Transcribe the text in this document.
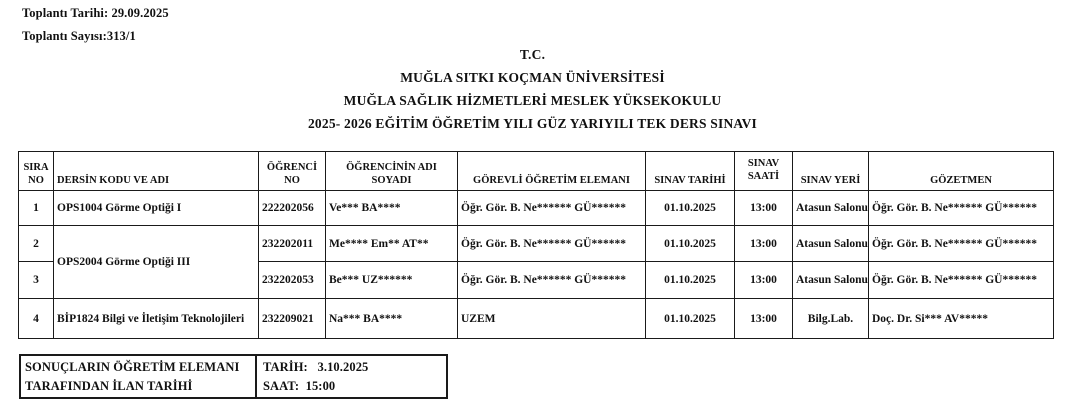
Toplantı Tarihi: 29.09.2025
Toplantı Sayısı:313/1
T.C.
MUĞLA SITKI KOÇMAN ÜNİVERSİTESİ
MUĞLA SAĞLIK HİZMETLERİ MESLEK YÜKSEKOKULU
2025- 2026 EĞİTİM ÖĞRETİM YILI GÜZ YARIYILI TEK DERS SINAVI
SIRA NO	DERSİN KODU VE ADI	ÖĞRENCİ NO	ÖĞRENCİNİN ADI SOYADI	GÖREVLİ ÖĞRETİM ELEMANI	SINAV TARİHİ	SINAV SAATİ	SINAV YERİ	GÖZETMEN
1	OPS1004 Görme Optiği I	222202056	Ve*** BA****	Öğr. Gör. B. Ne****** GÜ******	01.10.2025	13:00	Atasun Salonu	Öğr. Gör. B. Ne****** GÜ******
2	OPS2004 Görme Optiği III	232202011	Me**** Em** AT**	Öğr. Gör. B. Ne****** GÜ******	01.10.2025	13:00	Atasun Salonu	Öğr. Gör. B. Ne****** GÜ******
3		232202053	Be*** UZ******	Öğr. Gör. B. Ne****** GÜ******	01.10.2025	13:00	Atasun Salonu	Öğr. Gör. B. Ne****** GÜ******
4	BİP1824 Bilgi ve İletişim Teknolojileri	232209021	Na*** BA****	UZEM	01.10.2025	13:00	Bilg.Lab.	Doç. Dr. Si*** AV*****
SONUÇLARIN ÖĞRETİM ELEMANI
TARAFINDAN İLAN TARİHİ
TARİH:   3.10.2025
SAAT:  15:00
